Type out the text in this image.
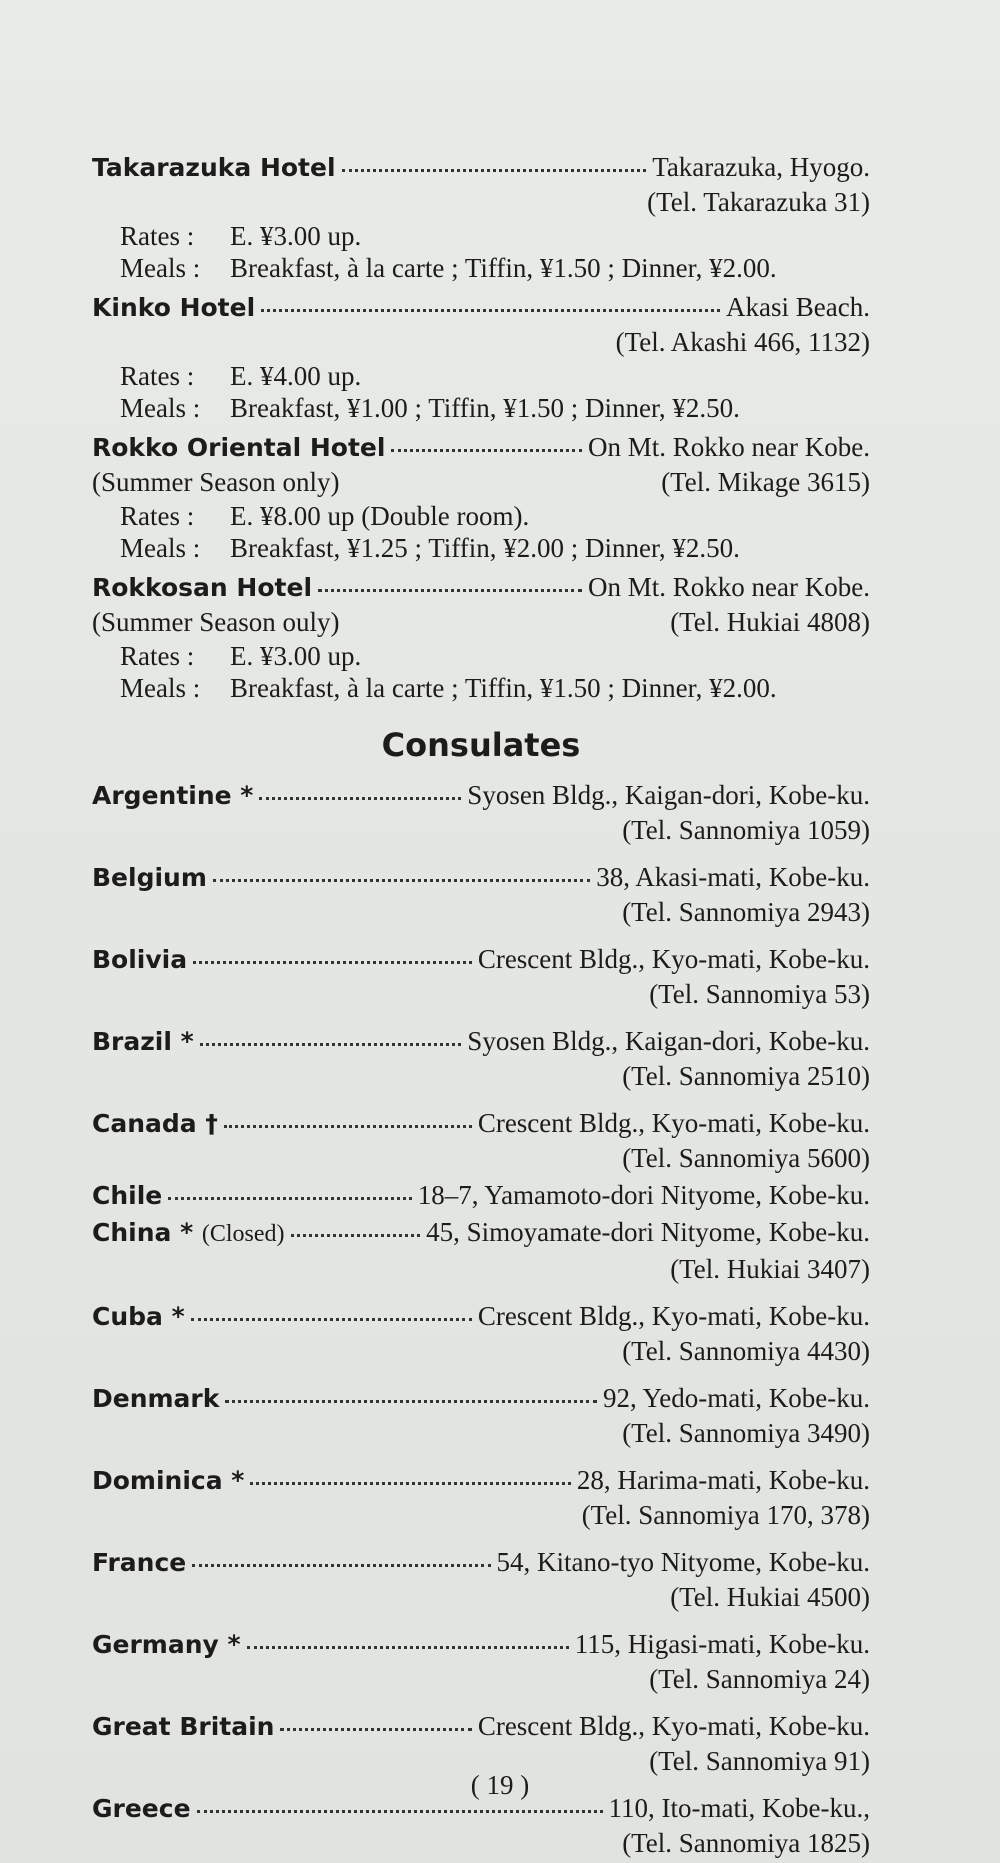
Takarazuka Hotel	Takarazuka, Hyogo.
(Tel. Takarazuka 31)
Rates :	E. ¥3.00 up.
Meals :	Breakfast, à la carte ; Tiffin, ¥1.50 ; Dinner, ¥2.00.
Kinko Hotel	Akasi Beach.
(Tel. Akashi 466, 1132)
Rates :	E. ¥4.00 up.
Meals :	Breakfast, ¥1.00 ; Tiffin, ¥1.50 ; Dinner, ¥2.50.
Rokko Oriental Hotel	On Mt. Rokko near Kobe.
(Summer Season only)	(Tel. Mikage 3615)
Rates :	E. ¥8.00 up (Double room).
Meals :	Breakfast, ¥1.25 ; Tiffin, ¥2.00 ; Dinner, ¥2.50.
Rokkosan Hotel	On Mt. Rokko near Kobe.
(Summer Season ouly)	(Tel. Hukiai 4808)
Rates :	E. ¥3.00 up.
Meals :	Breakfast, à la carte ; Tiffin, ¥1.50 ; Dinner, ¥2.00.
Consulates
Argentine *	Syosen Bldg., Kaigan-dori, Kobe-ku.
(Tel. Sannomiya 1059)
Belgium	38, Akasi-mati, Kobe-ku.
(Tel. Sannomiya 2943)
Bolivia	Crescent Bldg., Kyo-mati, Kobe-ku.
(Tel. Sannomiya 53)
Brazil *	Syosen Bldg., Kaigan-dori, Kobe-ku.
(Tel. Sannomiya 2510)
Canada †	Crescent Bldg., Kyo-mati, Kobe-ku.
(Tel. Sannomiya 5600)
Chile	18–7, Yamamoto-dori Nityome, Kobe-ku.
China * (Closed)	45, Simoyamate-dori Nityome, Kobe-ku.
(Tel. Hukiai 3407)
Cuba *	Crescent Bldg., Kyo-mati, Kobe-ku.
(Tel. Sannomiya 4430)
Denmark	92, Yedo-mati, Kobe-ku.
(Tel. Sannomiya 3490)
Dominica *	28, Harima-mati, Kobe-ku.
(Tel. Sannomiya 170, 378)
France	54, Kitano-tyo Nityome, Kobe-ku.
(Tel. Hukiai 4500)
Germany *	115, Higasi-mati, Kobe-ku.
(Tel. Sannomiya 24)
Great Britain	Crescent Bldg., Kyo-mati, Kobe-ku.
(Tel. Sannomiya 91)
Greece	110, Ito-mati, Kobe-ku.,
(Tel. Sannomiya 1825)
( 19 )
